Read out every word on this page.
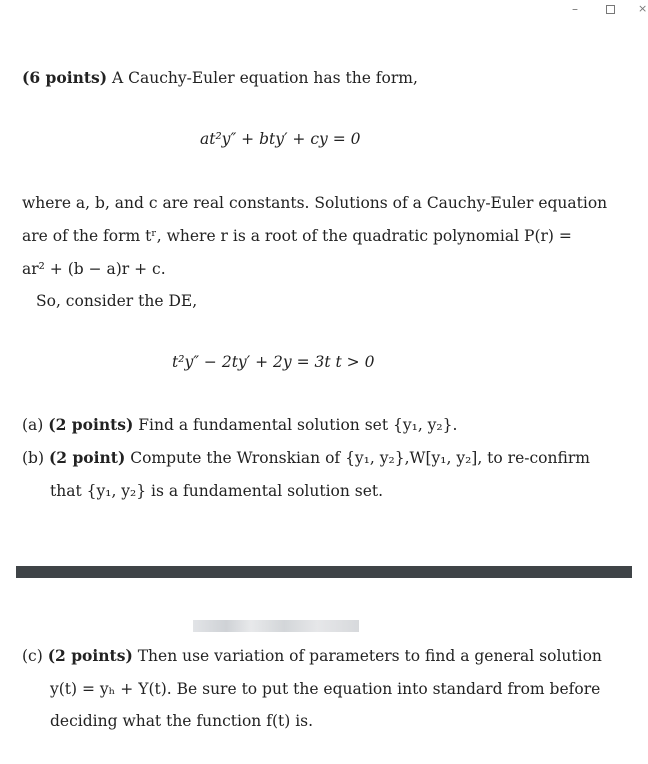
–	×
(6 points) A Cauchy-Euler equation has the form,
at²y″ + bty′ + cy = 0
where a, b, and c are real constants. Solutions of a Cauchy-Euler equation
are of the form tʳ, where r is a root of the quadratic polynomial P(r) =
ar² + (b − a)r + c.
So, consider the DE,
t²y″ − 2ty′ + 2y = 3t t > 0
(a) (2 points) Find a fundamental solution set {y₁, y₂}.
(b) (2 point) Compute the Wronskian of {y₁, y₂},W[y₁, y₂], to re-confirm
that {y₁, y₂} is a fundamental solution set.
(c) (2 points) Then use variation of parameters to find a general solution
y(t) = yₕ + Y(t). Be sure to put the equation into standard from before
deciding what the function f(t) is.
